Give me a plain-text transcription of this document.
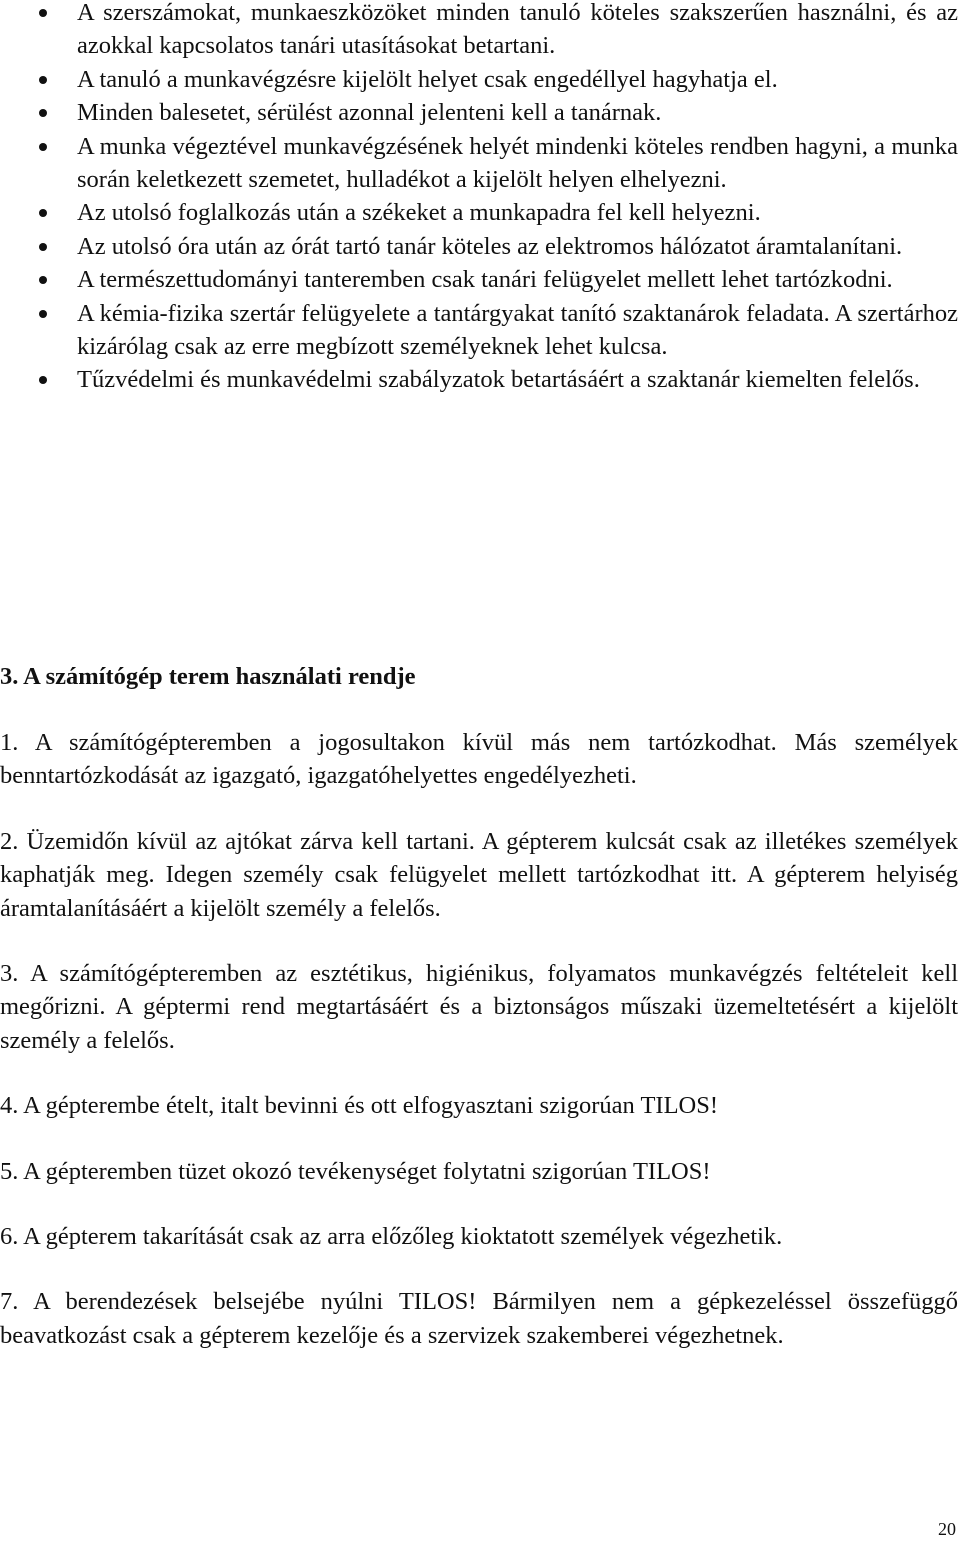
A szerszámokat, munkaeszközöket minden tanuló köteles szakszerűen használni, és az azokkal kapcsolatos tanári utasításokat betartani.
A tanuló a munkavégzésre kijelölt helyet csak engedéllyel hagyhatja el.
Minden balesetet, sérülést azonnal jelenteni kell a tanárnak.
A munka végeztével munkavégzésének helyét mindenki köteles rendben hagyni, a munka során keletkezett szemetet, hulladékot a kijelölt helyen elhelyezni.
Az utolsó foglalkozás után a székeket a munkapadra fel kell helyezni.
Az utolsó óra után az órát tartó tanár köteles az elektromos hálózatot áramtalanítani.
A természettudományi tanteremben csak tanári felügyelet mellett lehet tartózkodni.
A kémia-fizika szertár felügyelete a tantárgyakat tanító szaktanárok feladata. A szertárhoz kizárólag csak az erre megbízott személyeknek lehet kulcsa.
Tűzvédelmi és munkavédelmi szabályzatok betartásáért a szaktanár kiemelten felelős.
3. A számítógép terem használati rendje

1. A számítógépteremben a jogosultakon kívül más nem tartózkodhat. Más személyek benntartózkodását az igazgató, igazgatóhelyettes engedélyezheti.

2. Üzemidőn kívül az ajtókat zárva kell tartani. A gépterem kulcsát csak az illetékes személyek kaphatják meg. Idegen személy csak felügyelet mellett tartózkodhat itt. A gépterem helyiség áramtalanításáért a kijelölt személy a felelős.

3. A számítógépteremben az esztétikus, higiénikus, folyamatos munkavégzés feltételeit kell megőrizni. A géptermi rend megtartásáért és a biztonságos műszaki üzemeltetésért a kijelölt személy a felelős.

4. A gépterembe ételt, italt bevinni és ott elfogyasztani szigorúan TILOS!

5. A gépteremben tüzet okozó tevékenységet folytatni szigorúan TILOS!

6. A gépterem takarítását csak az arra előzőleg kioktatott személyek végezhetik.

7. A berendezések belsejébe nyúlni TILOS! Bármilyen nem a gépkezeléssel összefüggő beavatkozást csak a gépterem kezelője és a szervizek szakemberei végezhetnek.

20
